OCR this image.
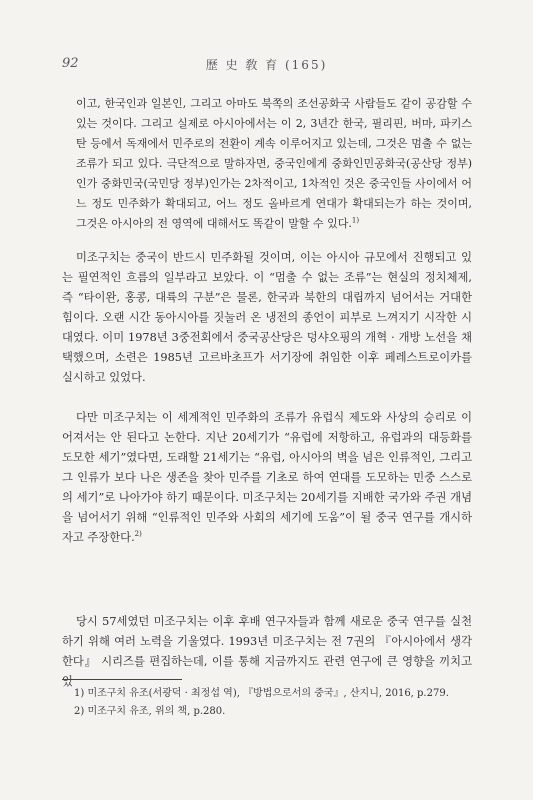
92	歷 史 敎 育 (165)

이고, 한국인과 일본인, 그리고 아마도 북쪽의 조선공화국 사람들도 같이 공감할 수 있는 것이다. 그리고 실제로 아시아에서는 이 2, 3년간 한국, 필리핀, 버마, 파키스탄 등에서 독재에서 민주로의 전환이 계속 이루어지고 있는데, 그것은 멈출 수 없는 조류가 되고 있다. 극단적으로 말하자면, 중국인에게 중화인민공화국(공산당 정부)인가 중화민국(국민당 정부)인가는 2차적이고, 1차적인 것은 중국인들 사이에서 어느 정도 민주화가 확대되고, 어느 정도 올바르게 연대가 확대되는가 하는 것이며, 그것은 아시아의 전 영역에 대해서도 똑같이 말할 수 있다.$^{1)}$

미조구치는 중국이 반드시 민주화될 것이며, 이는 아시아 규모에서 진행되고 있는 필연적인 흐름의 일부라고 보았다. 이 “멈출 수 없는 조류”는 현실의 정치체제, 즉 “타이완, 홍콩, 대륙의 구분”은 물론, 한국과 북한의 대립까지 넘어서는 거대한 힘이다. 오랜 시간 동아시아를 짓눌러 온 냉전의 종언이 피부로 느껴지기 시작한 시대였다. 이미 1978년 3중전회에서 중국공산당은 덩샤오핑의 개혁 · 개방 노선을 채택했으며, 소련은 1985년 고르바초프가 서기장에 취임한 이후 페레스트로이카를 실시하고 있었다.

다만 미조구치는 이 세계적인 민주화의 조류가 유럽식 제도와 사상의 승리로 이어져서는 안 된다고 논한다. 지난 20세기가 “유럽에 저항하고, 유럽과의 대등화를 도모한 세기”였다면, 도래할 21세기는 “유럽, 아시아의 벽을 넘은 인류적인, 그리고 그 인류가 보다 나은 생존을 찾아 민주를 기초로 하여 연대를 도모하는 민중 스스로의 세기”로 나아가야 하기 때문이다. 미조구치는 20세기를 지배한 국가와 주권 개념을 넘어서기 위해 “인류적인 민주와 사회의 세기에 도움”이 될 중국 연구를 개시하자고 주장한다.$^{2)}$

당시 57세였던 미조구치는 이후 후배 연구자들과 함께 새로운 중국 연구를 실천하기 위해 여러 노력을 기울였다. 1993년 미조구치는 전 7권의 『아시아에서 생각한다』 시리즈를 편집하는데, 이를 통해 지금까지도 관련 연구에 큰 영향을 끼치고 있

1) 미조구치 유조(서광덕 · 최정섭 역), 『방법으로서의 중국』, 산지니, 2016, p.279.

2) 미조구치 유조, 위의 책, p.280.
